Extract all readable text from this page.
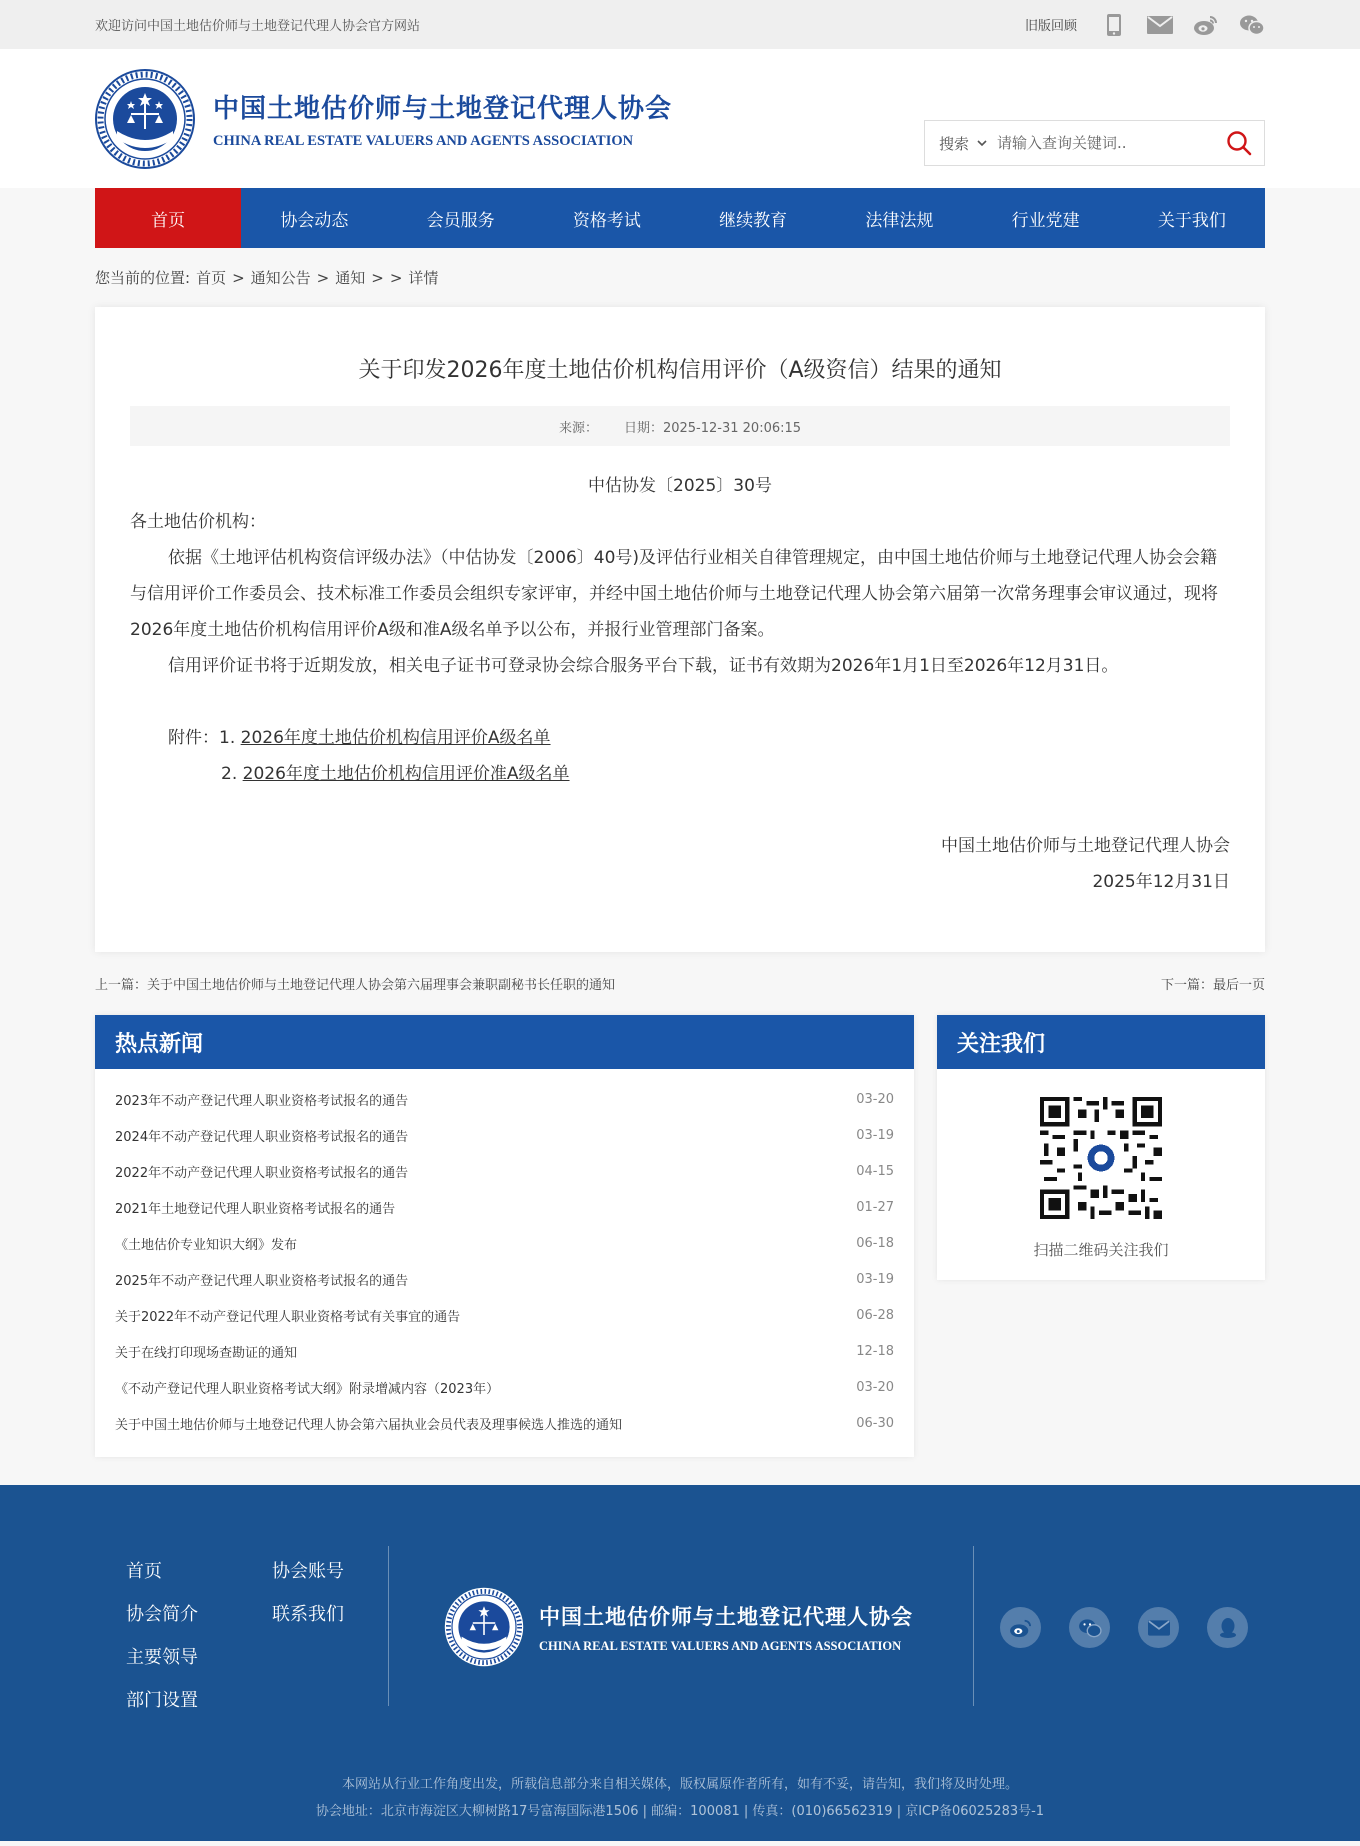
欢迎访问中国土地估价师与土地登记代理人协会官方网站	旧版回顾
中国土地估价师与土地登记代理人协会
CHINA REAL ESTATE VALUERS AND AGENTS ASSOCIATION	搜索
请输入查询关键词..
首页	协会动态	会员服务	资格考试	继续教育	法律法规	行业党建	关于我们
您当前的位置: 首页 > 通知公告 > 通知 > > 详情
关于印发2026年度土地估价机构信用评价（A级资信）结果的通知
来源： 日期：2025-12-31 20:06:15

中估协发〔2025〕30号

各土地估价机构：

依据《土地评估机构资信评级办法》（中估协发〔2006〕40号)及评估行业相关自律管理规定，由中国土地估价师与土地登记代理人协会会籍与信用评价工作委员会、技术标准工作委员会组织专家评审，并经中国土地估价师与土地登记代理人协会第六届第一次常务理事会审议通过，现将2026年度土地估价机构信用评价A级和准A级名单予以公布，并报行业管理部门备案。

信用评价证书将于近期发放，相关电子证书可登录协会综合服务平台下载，证书有效期为2026年1月1日至2026年12月31日。

附件：1. 2026年度土地估价机构信用评价A级名单

2. 2026年度土地估价机构信用评价准A级名单

中国土地估价师与土地登记代理人协会

2025年12月31日

上一篇：关于中国土地估价师与土地登记代理人协会第六届理事会兼职副秘书长任职的通知	下一篇：最后一页
热点新闻
2023年不动产登记代理人职业资格考试报名的通告	03-20
2024年不动产登记代理人职业资格考试报名的通告	03-19
2022年不动产登记代理人职业资格考试报名的通告	04-15
2021年土地登记代理人职业资格考试报名的通告	01-27
《土地估价专业知识大纲》发布	06-18
2025年不动产登记代理人职业资格考试报名的通告	03-19
关于2022年不动产登记代理人职业资格考试有关事宜的通告	06-28
关于在线打印现场查勘证的通知	12-18
《不动产登记代理人职业资格考试大纲》附录增减内容（2023年）	03-20
关于中国土地估价师与土地登记代理人协会第六届执业会员代表及理事候选人推选的通知	06-30
关注我们
扫描二维码关注我们
首页	协会账号
协会简介	联系我们
主要领导
部门设置
中国土地估价师与土地登记代理人协会
CHINA REAL ESTATE VALUERS AND AGENTS ASSOCIATION
本网站从行业工作角度出发，所载信息部分来自相关媒体，版权属原作者所有，如有不妥，请告知，我们将及时处理。
协会地址：北京市海淀区大柳树路17号富海国际港1506 | 邮编：100081 | 传真：(010)66562319 | 京ICP备06025283号-1
